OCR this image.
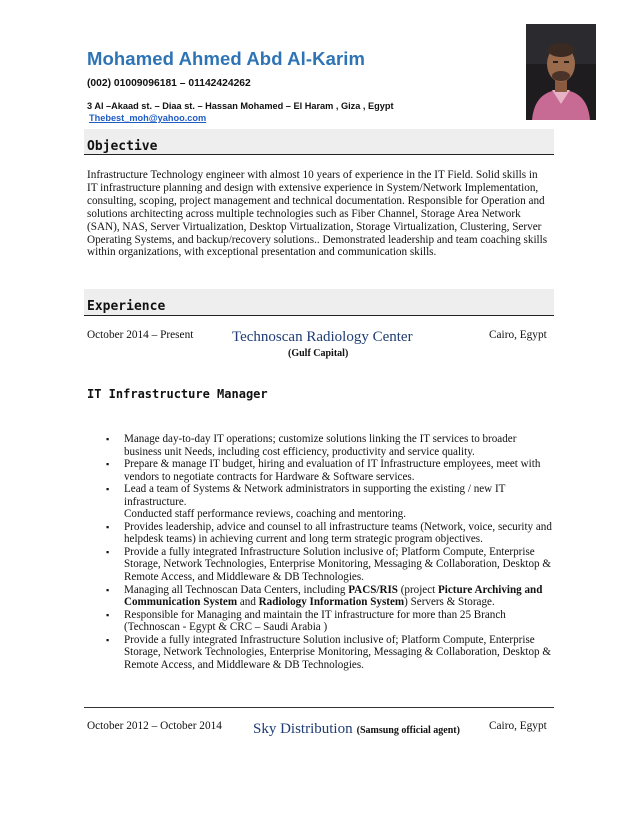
Mohamed Ahmed Abd Al-Karim
(002) 01009096181 – 01142424262
3 Al –Akaad st. – Diaa st. – Hassan Mohamed – El Haram , Giza , Egypt
Thebest_moh@yahoo.com
Objective
Infrastructure Technology engineer with almost 10 years of experience in the IT Field. Solid skills in IT infrastructure planning and design with extensive experience in System/Network Implementation, consulting, scoping, project management and technical documentation. Responsible for Operation and solutions architecting across multiple technologies such as Fiber Channel, Storage Area Network (SAN), NAS, Server Virtualization, Desktop Virtualization, Storage Virtualization, Clustering, Server Operating Systems, and backup/recovery solutions.. Demonstrated leadership and team coaching skills within organizations, with exceptional presentation and communication skills.
Experience
October 2014 – Present	Technoscan Radiology Center
(Gulf Capital)
Cairo, Egypt
IT Infrastructure Manager
▪ Manage day-to-day IT operations; customize solutions linking the IT services to broader business unit Needs, including cost efficiency, productivity and service quality.
▪ Prepare & manage IT budget, hiring and evaluation of IT Infrastructure employees, meet with vendors to negotiate contracts for Hardware & Software services.
▪ Lead a team of Systems & Network administrators in supporting the existing / new IT infrastructure.
Conducted staff performance reviews, coaching and mentoring.
▪ Provides leadership, advice and counsel to all infrastructure teams (Network, voice, security and helpdesk teams) in achieving current and long term strategic program objectives.
▪ Provide a fully integrated Infrastructure Solution inclusive of; Platform Compute, Enterprise Storage, Network Technologies, Enterprise Monitoring, Messaging & Collaboration, Desktop & Remote Access, and Middleware & DB Technologies.
▪ Managing all Technoscan Data Centers, including PACS/RIS (project Picture Archiving and Communication System and Radiology Information System) Servers & Storage.
▪ Responsible for Managing and maintain the IT infrastructure for more than 25 Branch (Technoscan - Egypt & CRC – Saudi Arabia )
▪ Provide a fully integrated Infrastructure Solution inclusive of; Platform Compute, Enterprise Storage, Network Technologies, Enterprise Monitoring, Messaging & Collaboration, Desktop & Remote Access, and Middleware & DB Technologies.
October 2012 – October 2014 Sky Distribution (Samsung official agent)	Cairo, Egypt
